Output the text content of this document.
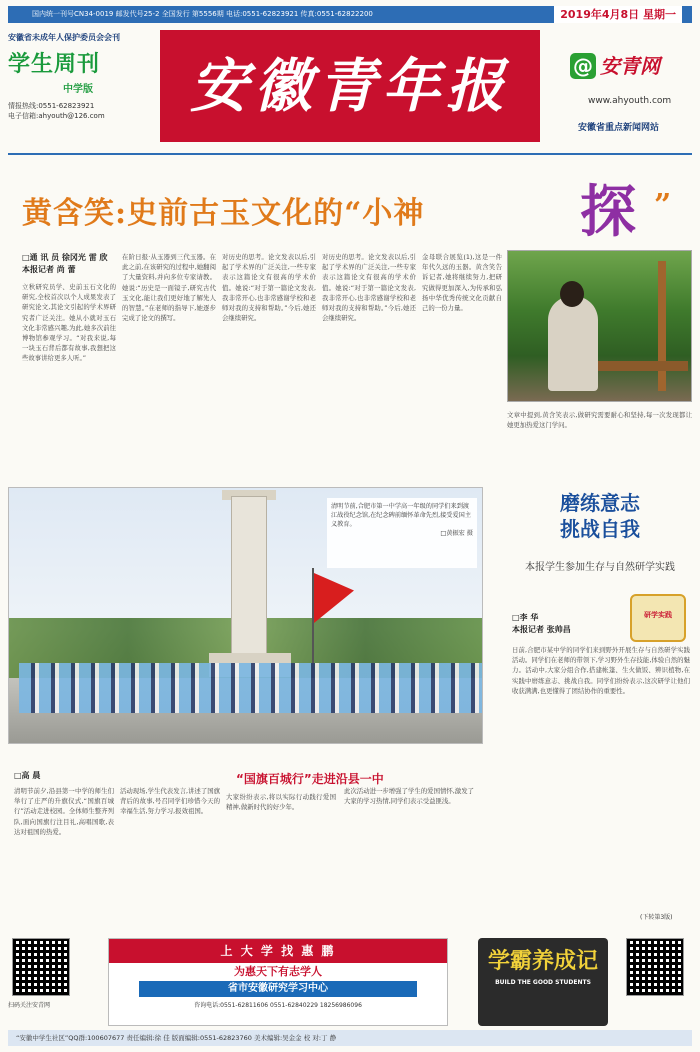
国内统一刊号CN34-0019 邮发代号25-2 全国发行 第5556期 电话:0551-62823921 传真:0551-62822200	2019年4月8日 星期一
安徽省未成年人保护委员会会刊
学生周刊
中学版
情报热线:0551-62823921
电子信箱:ahyouth@126.com	安徽青年报	@ 安青网
www.ahyouth.com
安徽省重点新闻网站
黄含笑:史前古玉文化的“小神	探 ”
□通 讯 员 徐冈光 雷 欣
本报记者 尚 蕾
立秋研究员学、史前玉石文化的研究,全校首次以个人成果发表了研究论文,其论文引起的学术界研究者广泛关注。她从小就对玉石文化非常感兴趣,为此,她多次前往博物馆参观学习。“对我来说,每一块玉石背后都有故事,我想把这些故事讲给更多人听。”
在阶日报·从玉器到三代玉器。在此之前,在该研究的过程中,她翻阅了大量资料,并向多位专家请教。她说:“历史是一面镜子,研究古代玉文化,能让我们更好地了解先人的智慧。”在老师的指导下,她逐步完成了论文的撰写。
对历史的思考。论文发表以后,引起了学术界的广泛关注,一些专家表示这篇论文有很高的学术价值。她说:“对于第一篇论文发表,我非常开心,也非常感谢学校和老师对我的支持和帮助。”今后,她还会继续研究。
对历史的思考。论文发表以后,引起了学术界的广泛关注,一些专家表示这篇论文有很高的学术价值。她说:“对于第一篇论文发表,我非常开心,也非常感谢学校和老师对我的支持和帮助。”今后,她还会继续研究。
金母联合展览(1),这是一件年代久远的玉器。黄含笑告诉记者,她将继续努力,把研究做得更加深入,为传承和弘扬中华优秀传统文化贡献自己的一份力量。
文章中提到,黄含笑表示,做研究需要耐心和坚持,每一次发现都让她更加热爱这门学问。
清明节前,合肥市第一中学高一年级的同学们来到渡江战役纪念馆,在纪念碑前缅怀革命先烈,接受爱国主义教育。
□黄振宏 摄
磨练意志
挑战自我
本报学生参加生存与自然研学实践
研学实践
□李 华
本报记者 张帅昌
日前,合肥市某中学的同学们来到野外开展生存与自然研学实践活动。同学们在老师的带领下,学习野外生存技能,体验自然的魅力。活动中,大家分组合作,搭建帐篷、生火做饭、辨识植物,在实践中磨练意志、挑战自我。同学们纷纷表示,这次研学让他们收获满满,也更懂得了团结协作的重要性。
(下转第3版)
□高 晨	“国旗百城行”走进沿县一中
清明节前夕,沿县第一中学的师生们举行了庄严的升旗仪式,“国旗百城行”活动走进校园。全体师生整齐列队,面向国旗行注目礼,高唱国歌,表达对祖国的热爱。
活动现场,学生代表发言,讲述了国旗背后的故事,号召同学们珍惜今天的幸福生活,努力学习,报效祖国。
大家纷纷表示,将以实际行动践行爱国精神,做新时代的好少年。
此次活动进一步增强了学生的爱国情怀,激发了大家的学习热情,同学们表示受益匪浅。
扫码关注安青网
上 大 学 找 惠 鹏
为惠天下有志学人
省市安徽研究学习中心
咨询电话:0551-62811606 0551-62840229 18256986096
学霸养成记
BUILD THE GOOD STUDENTS
“安徽中学生社区”QQ群:100607677 责任编辑:徐 佳 版面编辑:0551-62823760 美术编辑:吴金金 校 对:丁 静
